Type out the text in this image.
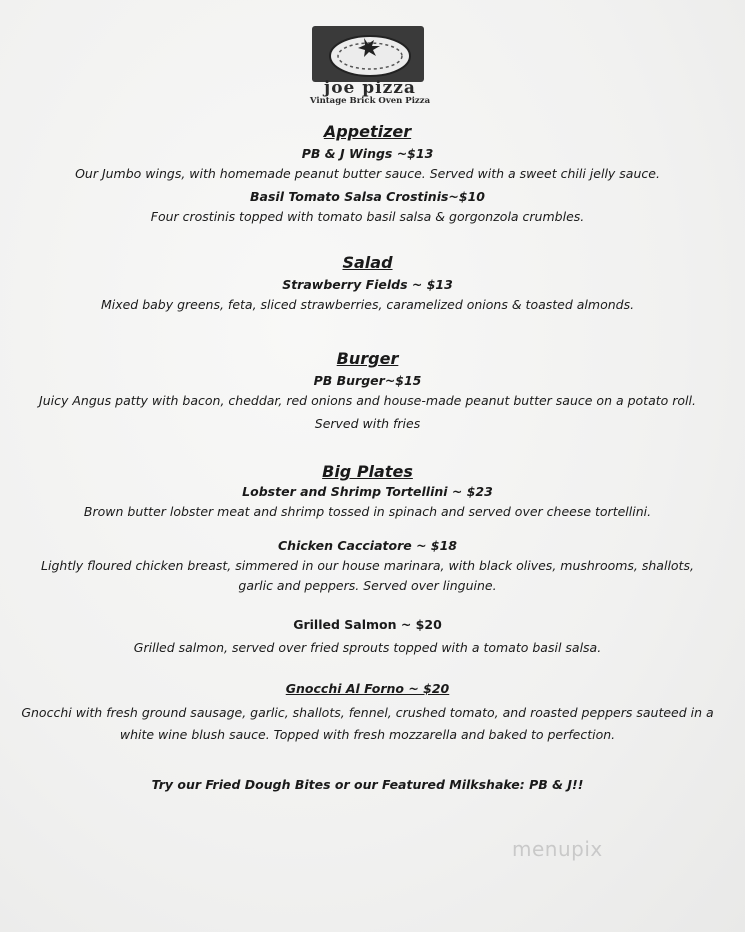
joe pizza
Vintage Brick Oven Pizza
Appetizer
PB & J Wings ~$13
Our Jumbo wings, with homemade peanut butter sauce. Served with a sweet chili jelly sauce.
Basil Tomato Salsa Crostinis~$10
Four crostinis topped with tomato basil salsa & gorgonzola crumbles.
Salad
Strawberry Fields ~ $13
Mixed baby greens, feta, sliced strawberries, caramelized onions & toasted almonds.
Burger
PB Burger~$15
Juicy Angus patty with bacon, cheddar, red onions and house-made peanut butter sauce on a potato roll.
Served with fries
Big Plates
Lobster and Shrimp Tortellini ~ $23
Brown butter lobster meat and shrimp tossed in spinach and served over cheese tortellini.
Chicken Cacciatore ~ $18
Lightly floured chicken breast, simmered in our house marinara, with black olives, mushrooms, shallots,
garlic and peppers. Served over linguine.
Grilled Salmon ~ $20
Grilled salmon, served over fried sprouts topped with a tomato basil salsa.
Gnocchi Al Forno ~ $20
Gnocchi with fresh ground sausage, garlic, shallots, fennel, crushed tomato, and roasted peppers sauteed in a
white wine blush sauce. Topped with fresh mozzarella and baked to perfection.
Try our Fried Dough Bites or our Featured Milkshake: PB & J!!
menupix
